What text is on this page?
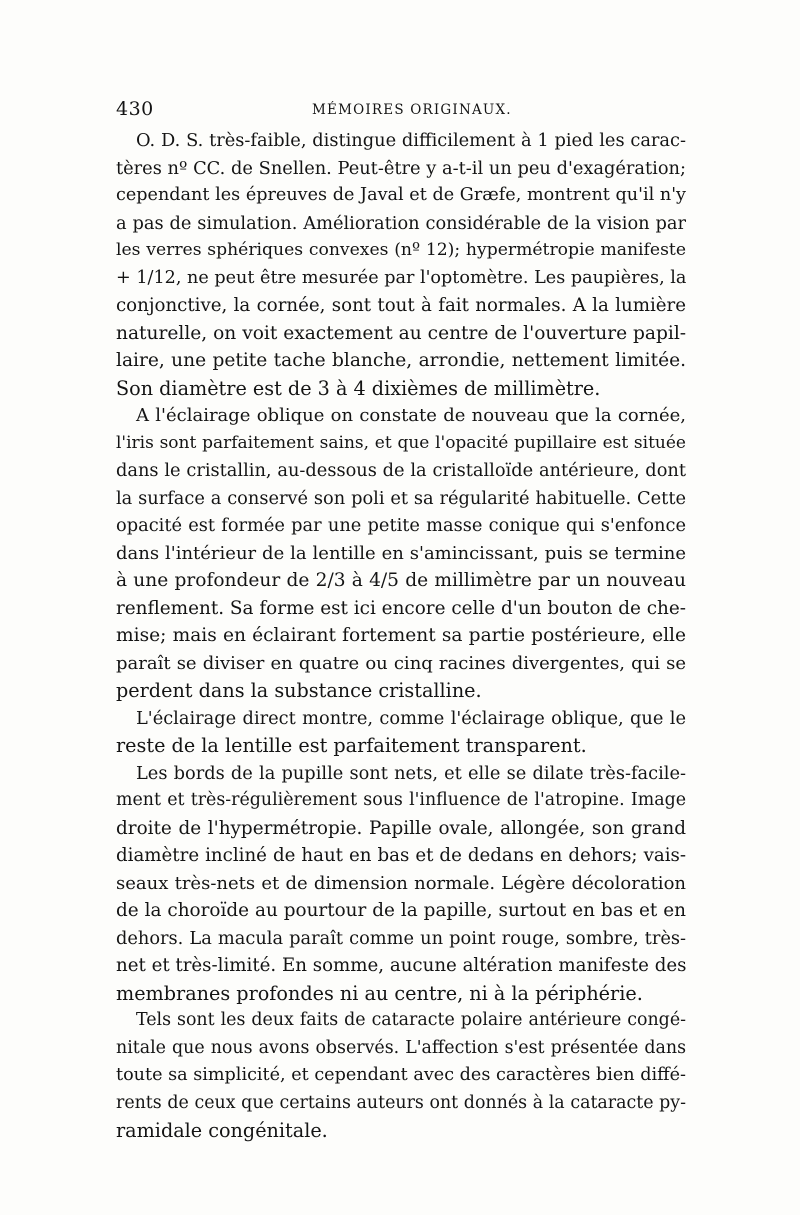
430	MÉMOIRES ORIGINAUX.
O. D. S. très-faible, distingue difficilement à 1 pied les carac-
tères nº CC. de Snellen. Peut-être y a-t-il un peu d'exagération;
cependant les épreuves de Javal et de Græfe, montrent qu'il n'y
a pas de simulation. Amélioration considérable de la vision par
les verres sphériques convexes (nº 12); hypermétropie manifeste
+ 1/12, ne peut être mesurée par l'optomètre. Les paupières, la
conjonctive, la cornée, sont tout à fait normales. A la lumière
naturelle, on voit exactement au centre de l'ouverture papil-
laire, une petite tache blanche, arrondie, nettement limitée.
Son diamètre est de 3 à 4 dixièmes de millimètre.
A l'éclairage oblique on constate de nouveau que la cornée,
l'iris sont parfaitement sains, et que l'opacité pupillaire est située
dans le cristallin, au-dessous de la cristalloïde antérieure, dont
la surface a conservé son poli et sa régularité habituelle. Cette
opacité est formée par une petite masse conique qui s'enfonce
dans l'intérieur de la lentille en s'amincissant, puis se termine
à une profondeur de 2/3 à 4/5 de millimètre par un nouveau
renflement. Sa forme est ici encore celle d'un bouton de che-
mise; mais en éclairant fortement sa partie postérieure, elle
paraît se diviser en quatre ou cinq racines divergentes, qui se
perdent dans la substance cristalline.
L'éclairage direct montre, comme l'éclairage oblique, que le
reste de la lentille est parfaitement transparent.
Les bords de la pupille sont nets, et elle se dilate très-facile-
ment et très-régulièrement sous l'influence de l'atropine. Image
droite de l'hypermétropie. Papille ovale, allongée, son grand
diamètre incliné de haut en bas et de dedans en dehors; vais-
seaux très-nets et de dimension normale. Légère décoloration
de la choroïde au pourtour de la papille, surtout en bas et en
dehors. La macula paraît comme un point rouge, sombre, très-
net et très-limité. En somme, aucune altération manifeste des
membranes profondes ni au centre, ni à la périphérie.
Tels sont les deux faits de cataracte polaire antérieure congé-
nitale que nous avons observés. L'affection s'est présentée dans
toute sa simplicité, et cependant avec des caractères bien diffé-
rents de ceux que certains auteurs ont donnés à la cataracte py-
ramidale congénitale.
